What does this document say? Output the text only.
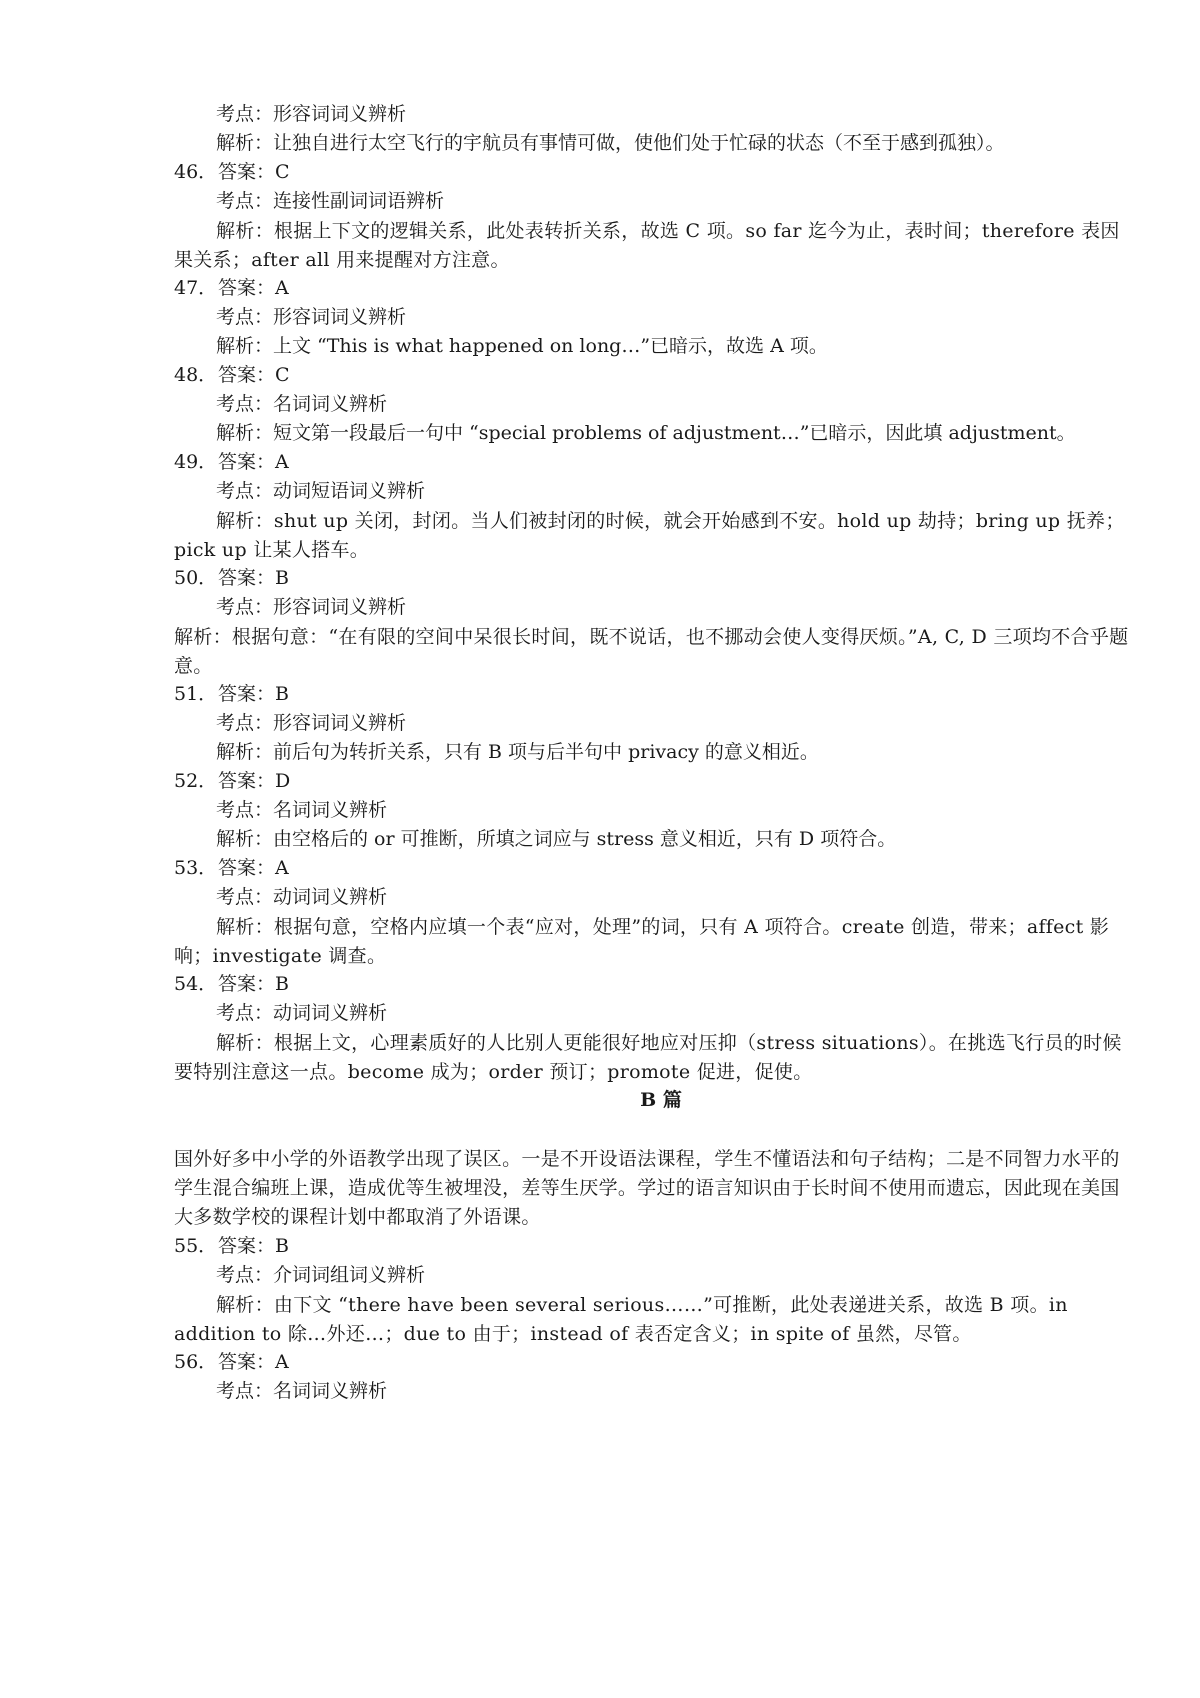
考点：形容词词义辨析
解析：让独自进行太空飞行的宇航员有事情可做，使他们处于忙碌的状态（不至于感到孤独）。
46．答案：C
考点：连接性副词词语辨析
解析：根据上下文的逻辑关系，此处表转折关系，故选 C 项。so far 迄今为止，表时间；therefore 表因果关系；after all 用来提醒对方注意。
47．答案：A
考点：形容词词义辨析
解析：上文 “This is what happened on long…”已暗示，故选 A 项。
48．答案：C
考点：名词词义辨析
解析：短文第一段最后一句中 “special problems of adjustment…”已暗示，因此填 adjustment。
49．答案：A
考点：动词短语词义辨析
解析：shut up 关闭，封闭。当人们被封闭的时候，就会开始感到不安。hold up 劫持；bring up 抚养；pick up 让某人搭车。
50．答案：B
考点：形容词词义辨析
解析：根据句意：“在有限的空间中呆很长时间，既不说话，也不挪动会使人变得厌烦。”A, C, D 三项均不合乎题意。
51．答案：B
考点：形容词词义辨析
解析：前后句为转折关系，只有 B 项与后半句中 privacy 的意义相近。
52．答案：D
考点：名词词义辨析
解析：由空格后的 or 可推断，所填之词应与 stress 意义相近，只有 D 项符合。
53．答案：A
考点：动词词义辨析
解析：根据句意，空格内应填一个表“应对，处理”的词，只有 A 项符合。create 创造，带来；affect 影响；investigate 调查。
54．答案：B
考点：动词词义辨析
解析：根据上文，心理素质好的人比别人更能很好地应对压抑（stress situations）。在挑选飞行员的时候要特别注意这一点。become 成为；order 预订；promote 促进，促使。
B 篇
国外好多中小学的外语教学出现了误区。一是不开设语法课程，学生不懂语法和句子结构；二是不同智力水平的学生混合编班上课，造成优等生被埋没，差等生厌学。学过的语言知识由于长时间不使用而遗忘，因此现在美国大多数学校的课程计划中都取消了外语课。
55．答案：B
考点：介词词组词义辨析
解析：由下文 “there have been several serious……”可推断，此处表递进关系，故选 B 项。in addition to 除…外还…；due to 由于；instead of 表否定含义；in spite of 虽然，尽管。
56．答案：A
考点：名词词义辨析
